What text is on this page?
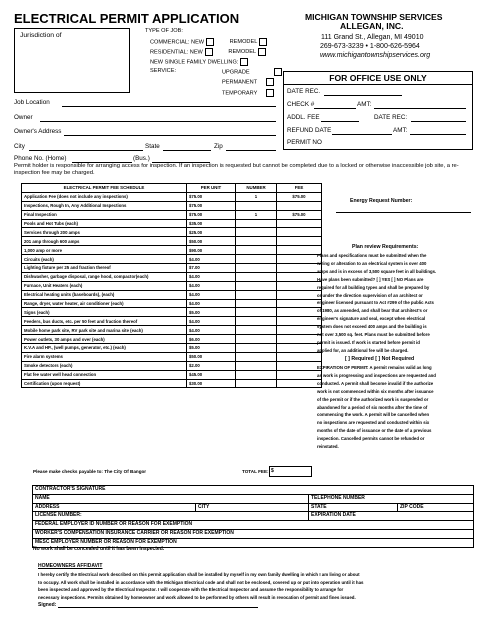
ELECTRICAL PERMIT APPLICATION
Jurisdiction of
TYPE OF JOB:
COMMERCIAL: NEW	REMODEL
RESIDENTIAL: NEW	REMODEL
NEW SINGLE FAMILY DWELLING:
SERVICE:	UPGRADE
PERMANENT
TEMPORARY
MICHIGAN TOWNSHIP SERVICES
ALLEGAN, INC.
111 Grand St., Allegan, MI 49010
269-673-3239 • 1-800-626-5964
www.michigantownshipservices.org
FOR OFFICE USE ONLY
DATE REC.
CHECK #	AMT:
ADDL. FEE	DATE REC:
REFUND DATE	AMT:
PERMIT NO
Job Location
Owner
Owner's Address
City	State	Zip
Phone No. (Home)	(Bus.)
Permit holder is responsible for arranging access for inspection. If an inspection is requested but cannot be completed due to a locked or otherwise inaccessible job site, a re-inspection fee may be charged.
ELECTRICAL PERMIT FEE SCHEDULE	PER UNIT	NUMBER	FEE
Application Fee (does not include any inspections)	$75.00	1	$75.00
Inspections, Rough In, Any Additional Inspections	$75.00		
Final Inspection	$75.00	1	$75.00
Pools and Hot Tubs (each)	$35.00		
Services through 200 amps	$25.00		
201 amp through 600 amps	$50.00		
1,000 amp or more	$90.00		
Circuits (each)	$4.00		
Lighting fixture per 25 and fraction thereof	$7.00		
Dishwasher, garbage disposal, range hood, compactor(each)	$4.00		
Furnace, Unit Heaters (each)	$4.00		
Electrical heating units (baseboards), (each)	$4.00		
Range, dryer, water heater, air conditioner (each)	$4.00		
Signs (each)	$5.00		
Feeders, bus ducts, etc. per 50 feet and fraction thereof	$4.00		
Mobile home park site, RV park site and marina site (each)	$4.00		
Power outlets, 30 amps and over (each)	$6.00		
K.V.A and HP., (well pumps, generator, etc.) (each)	$5.00		
Fire alarm systems	$50.00		
Smoke detectors (each)	$2.00		
Flat fee water well head connection	$45.00		
Certification (upon request)	$30.00		
Please make checks payable to: The City Of Bangor	TOTAL FEE: $
Energy Request Number:
Plan review Requirements:
Plans and specifications must be submitted when the
wiring or alteration to an electrical system is over 400
amps and is in excess of 3,500 square feet in all buildings.
Have plans been submitted? [ ] YES [ ] NO Plans are
required for all building types and shall be prepared by
or under the direction supervision of an architect or
engineer licensed pursuant to Act #299 of the public Acts
of 1980, as amended, and shall bear that architect's or
engineer's signature and seal, except when electrical
system does not exceed 400 amps and the building is
not over 3,500 sq. feet. Plans must be submitted before
permit is issued. If work is started before permit id
applied for, an additional fee will be charged.
[ ] Required [ ] Not Required
EXPIRATION OF PERMIT: A permit remains valid as long
as work is progressing and inspections are requested and
conducted. A permit shall become invalid if the authorize
work is not commenced within six months after issuance
of the permit or if the authorized work is suspended or
abandoned for a period of six months after the time of
commencing the work. A permit will be cancelled when
no inspections are requested and conducted within six
months of the date of issuance or the date of a previous
inspection. Cancelled permits cannot be refunded or
reinstated.
CONTRACTOR'S SIGNATURE			
NAME		TELEPHONE NUMBER	
ADDRESS	CITY	STATE	ZIP CODE
LICENSE NUMBER:		EXPIRATION DATE	
FEDERAL EMPLOYER ID NUMBER OR REASON FOR EXEMPTION			
WORKER'S COMPENSATION INSURANCE CARRIER OR REASON FOR EXEMPTION			
MESC EMPLOYER NUMBER OR REASON FOR EXEMPTION			
No work shall be concealed until it has been inspected.
HOMEOWNERS AFFIDAVIT
I hereby certify the Electrical work described on this permit application shall be installed by myself in my own family dwelling in which I am living or about
to occupy. All work shall be installed in accordance with the Michigan Electrical code and shall not be enclosed, covered up or put into operation until it has
been inspected and approved by the Electrical Inspector. I will cooperate with the Electrical Inspector and assume the responsibility to arrange for
necessary inspections. Permits obtained by homeowner and work allowed to be performed by others will result in revocation of permit and fines issued.
Signed:
